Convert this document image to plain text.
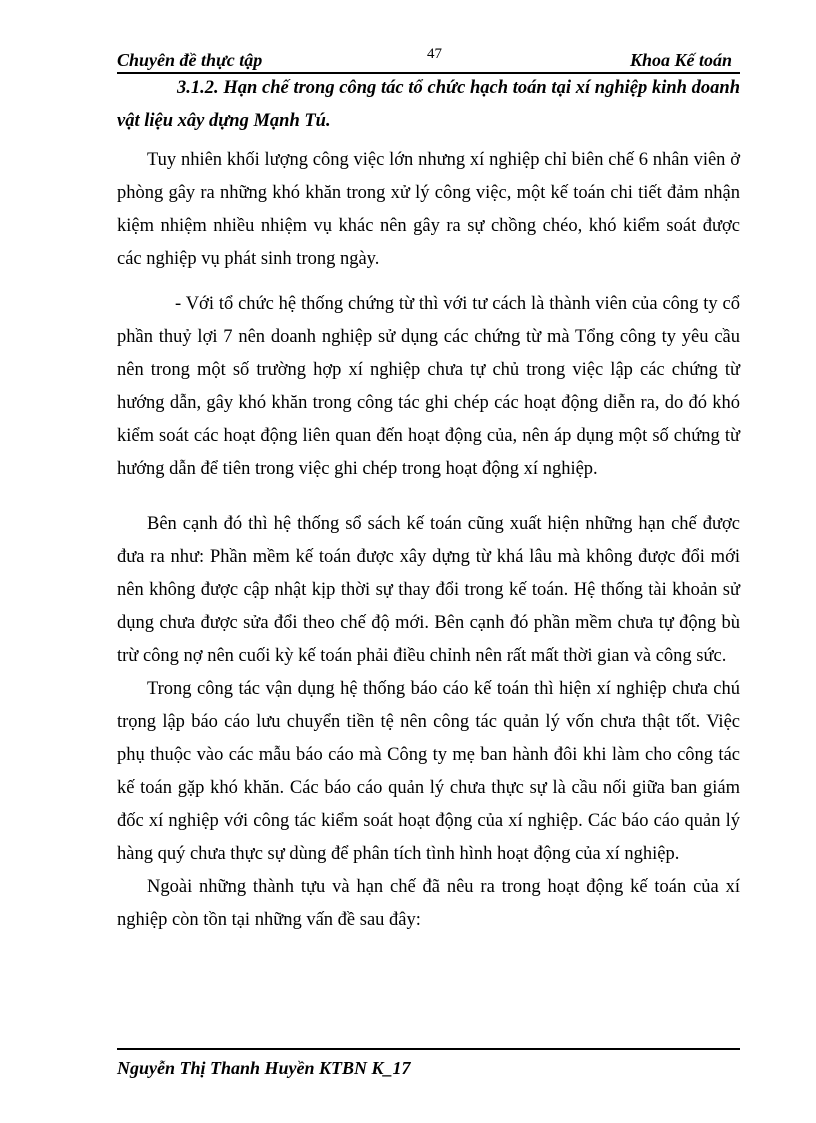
Chuyên đề thực tập	47	Khoa Kế toán

3.1.2. Hạn chế trong công tác tổ chức hạch toán tại xí nghiệp kinh doanh vật liệu xây dựng Mạnh Tú.

Tuy nhiên khối lượng công việc lớn nhưng xí nghiệp chỉ biên chế 6 nhân viên ở phòng gây ra những khó khăn trong xử lý công việc, một kế toán chi tiết đảm nhận kiệm nhiệm nhiều nhiệm vụ khác nên gây ra sự chồng chéo, khó kiểm soát được các nghiệp vụ phát sinh trong ngày.

- Với tổ chức hệ thống chứng từ thì với tư cách là thành viên của công ty cổ phần thuỷ lợi 7 nên doanh nghiệp sử dụng các chứng từ mà Tổng công ty yêu cầu nên trong một số trường hợp xí nghiệp chưa tự chủ trong việc lập các chứng từ hướng dẫn, gây khó khăn trong công tác ghi chép các hoạt động diễn ra, do đó khó kiểm soát các hoạt động liên quan đến hoạt động của, nên áp dụng một số chứng từ hướng dẫn để tiên trong việc ghi chép trong hoạt động xí nghiệp.

Bên cạnh đó thì hệ thống sổ sách kế toán cũng xuất hiện những hạn chế được đưa ra như: Phần mềm kế toán được xây dựng từ khá lâu mà không được đổi mới nên không được cập nhật kịp thời sự thay đổi trong kế toán. Hệ thống tài khoản sử dụng chưa được sửa đổi theo chế độ mới. Bên cạnh đó phần mềm chưa tự động bù trừ công nợ nên cuối kỳ kế toán phải điều chỉnh nên rất mất thời gian và công sức.

Trong công tác vận dụng hệ thống báo cáo kế toán thì hiện xí nghiệp chưa chú trọng lập báo cáo lưu chuyển tiền tệ nên công tác quản lý vốn chưa thật tốt. Việc phụ thuộc vào các mẫu báo cáo mà Công ty mẹ ban hành đôi khi làm cho công tác kế toán gặp khó khăn. Các báo cáo quản lý chưa thực sự là cầu nối giữa ban giám đốc xí nghiệp với công tác kiểm soát hoạt động của xí nghiệp. Các báo cáo quản lý hàng quý chưa thực sự dùng để phân tích tình hình hoạt động của xí nghiệp.

Ngoài những thành tựu và hạn chế đã nêu ra trong hoạt động kế toán của xí nghiệp còn tồn tại những vấn đề sau đây:

Nguyễn Thị Thanh Huyền KTBN K_17
